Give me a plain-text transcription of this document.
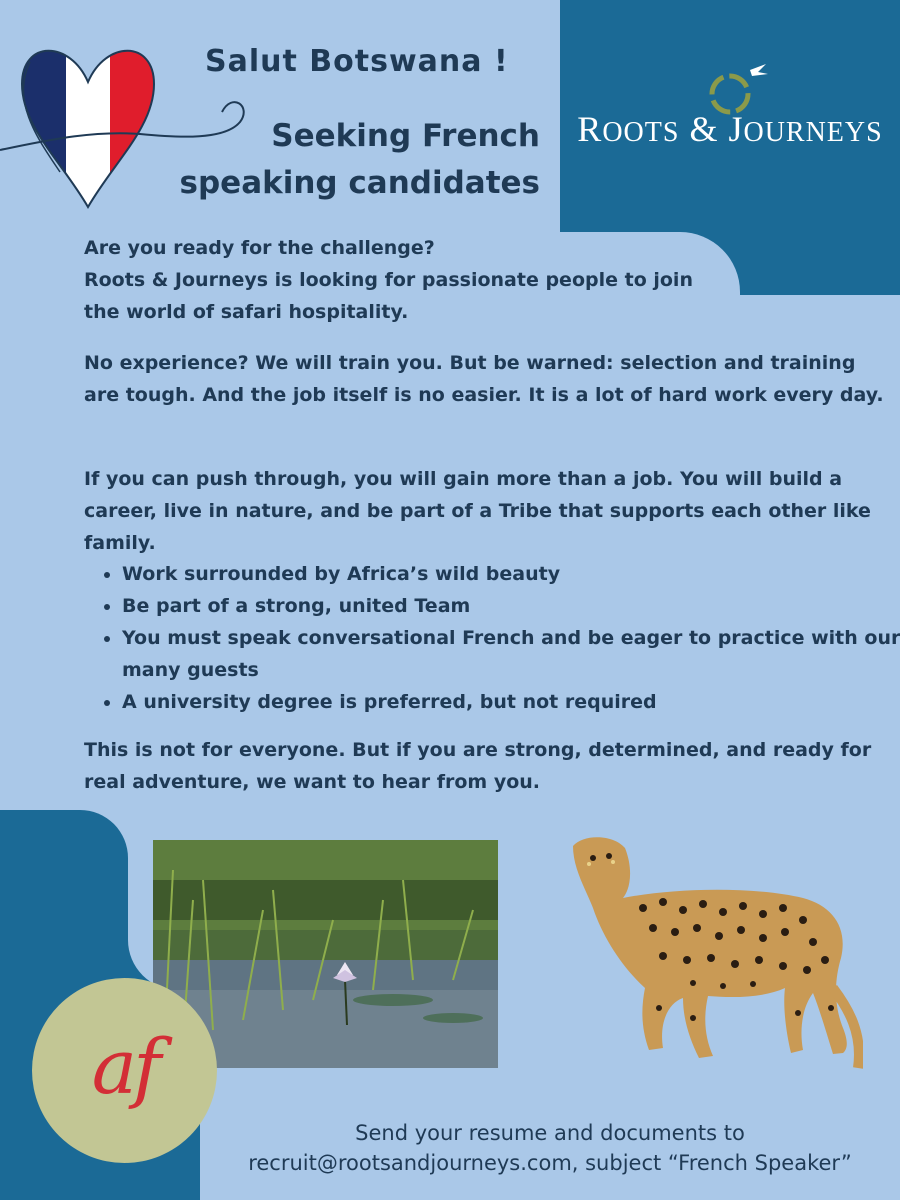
Salut Botswana !
Seeking French
speaking candidates
ROOTS & JOURNEYS

Are you ready for the challenge?

Roots & Journeys is looking for passionate people to join the world of safari hospitality.

No experience? We will train you. But be warned: selection and training are tough. And the job itself is no easier. It is a lot of hard work every day.

If you can push through, you will gain more than a job. You will build a career, live in nature, and be part of a Tribe that supports each other like family.

• Work surrounded by Africa’s wild beauty
• Be part of a strong, united Team
• You must speak conversational French and be eager to practice with our many guests
• A university degree is preferred, but not required

This is not for everyone. But if you are strong, determined, and ready for real adventure, we want to hear from you.

af

Send your resume and documents to

recruit@rootsandjourneys.com, subject “French Speaker”
